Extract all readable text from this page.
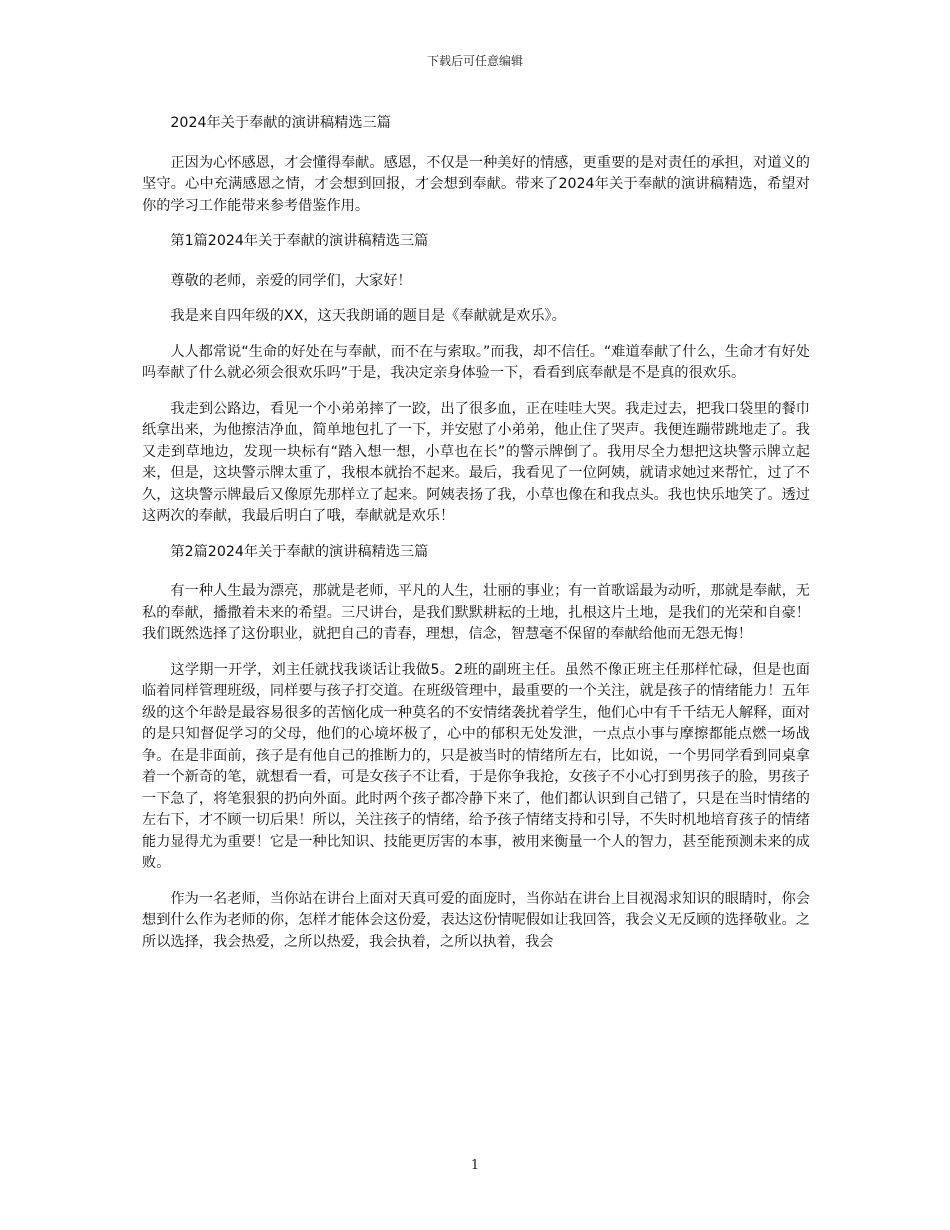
下载后可任意编辑

2024年关于奉献的演讲稿精选三篇

正因为心怀感恩，才会懂得奉献。感恩，不仅是一种美好的情感，更重要的是对责任的承担，对道义的坚守。心中充满感恩之情，才会想到回报，才会想到奉献。带来了2024年关于奉献的演讲稿精选，希望对你的学习工作能带来参考借鉴作用。

第1篇2024年关于奉献的演讲稿精选三篇

尊敬的老师，亲爱的同学们，大家好！

我是来自四年级的XX，这天我朗诵的题目是《奉献就是欢乐》。

人人都常说“生命的好处在与奉献，而不在与索取。”而我，却不信任。“难道奉献了什么，生命才有好处吗奉献了什么就必须会很欢乐吗”于是，我决定亲身体验一下，看看到底奉献是不是真的很欢乐。

我走到公路边，看见一个小弟弟摔了一跤，出了很多血，正在哇哇大哭。我走过去，把我口袋里的餐巾纸拿出来，为他擦洁净血，简单地包扎了一下，并安慰了小弟弟，他止住了哭声。我便连蹦带跳地走了。我又走到草地边，发现一块标有“踏入想一想，小草也在长”的警示牌倒了。我用尽全力想把这块警示牌立起来，但是，这块警示牌太重了，我根本就抬不起来。最后，我看见了一位阿姨，就请求她过来帮忙，过了不久，这块警示牌最后又像原先那样立了起来。阿姨表扬了我，小草也像在和我点头。我也快乐地笑了。透过这两次的奉献，我最后明白了哦，奉献就是欢乐！

第2篇2024年关于奉献的演讲稿精选三篇

有一种人生最为漂亮，那就是老师，平凡的人生，壮丽的事业；有一首歌谣最为动听，那就是奉献，无私的奉献，播撒着未来的希望。三尺讲台，是我们默默耕耘的土地，扎根这片土地，是我们的光荣和自豪！我们既然选择了这份职业，就把自己的青春，理想，信念，智慧毫不保留的奉献给他而无怨无悔！

这学期一开学，刘主任就找我谈话让我做5。2班的副班主任。虽然不像正班主任那样忙碌，但是也面临着同样管理班级，同样要与孩子打交道。在班级管理中，最重要的一个关注，就是孩子的情绪能力！五年级的这个年龄是最容易很多的苦恼化成一种莫名的不安情绪袭扰着学生，他们心中有千千结无人解释，面对的是只知督促学习的父母，他们的心境坏极了，心中的郁积无处发泄，一点点小事与摩擦都能点燃一场战争。在是非面前，孩子是有他自己的推断力的，只是被当时的情绪所左右，比如说，一个男同学看到同桌拿着一个新奇的笔，就想看一看，可是女孩子不让看，于是你争我抢，女孩子不小心打到男孩子的脸，男孩子一下急了，将笔狠狠的扔向外面。此时两个孩子都冷静下来了，他们都认识到自己错了，只是在当时情绪的左右下，才不顾一切后果！所以，关注孩子的情绪，给予孩子情绪支持和引导，不失时机地培育孩子的情绪能力显得尤为重要！它是一种比知识、技能更厉害的本事，被用来衡量一个人的智力，甚至能预测未来的成败。

作为一名老师，当你站在讲台上面对天真可爱的面庞时，当你站在讲台上目视渴求知识的眼睛时，你会想到什么作为老师的你，怎样才能体会这份爱，表达这份情呢假如让我回答，我会义无反顾的选择敬业。之所以选择，我会热爱，之所以热爱，我会执着，之所以执着，我会

1
